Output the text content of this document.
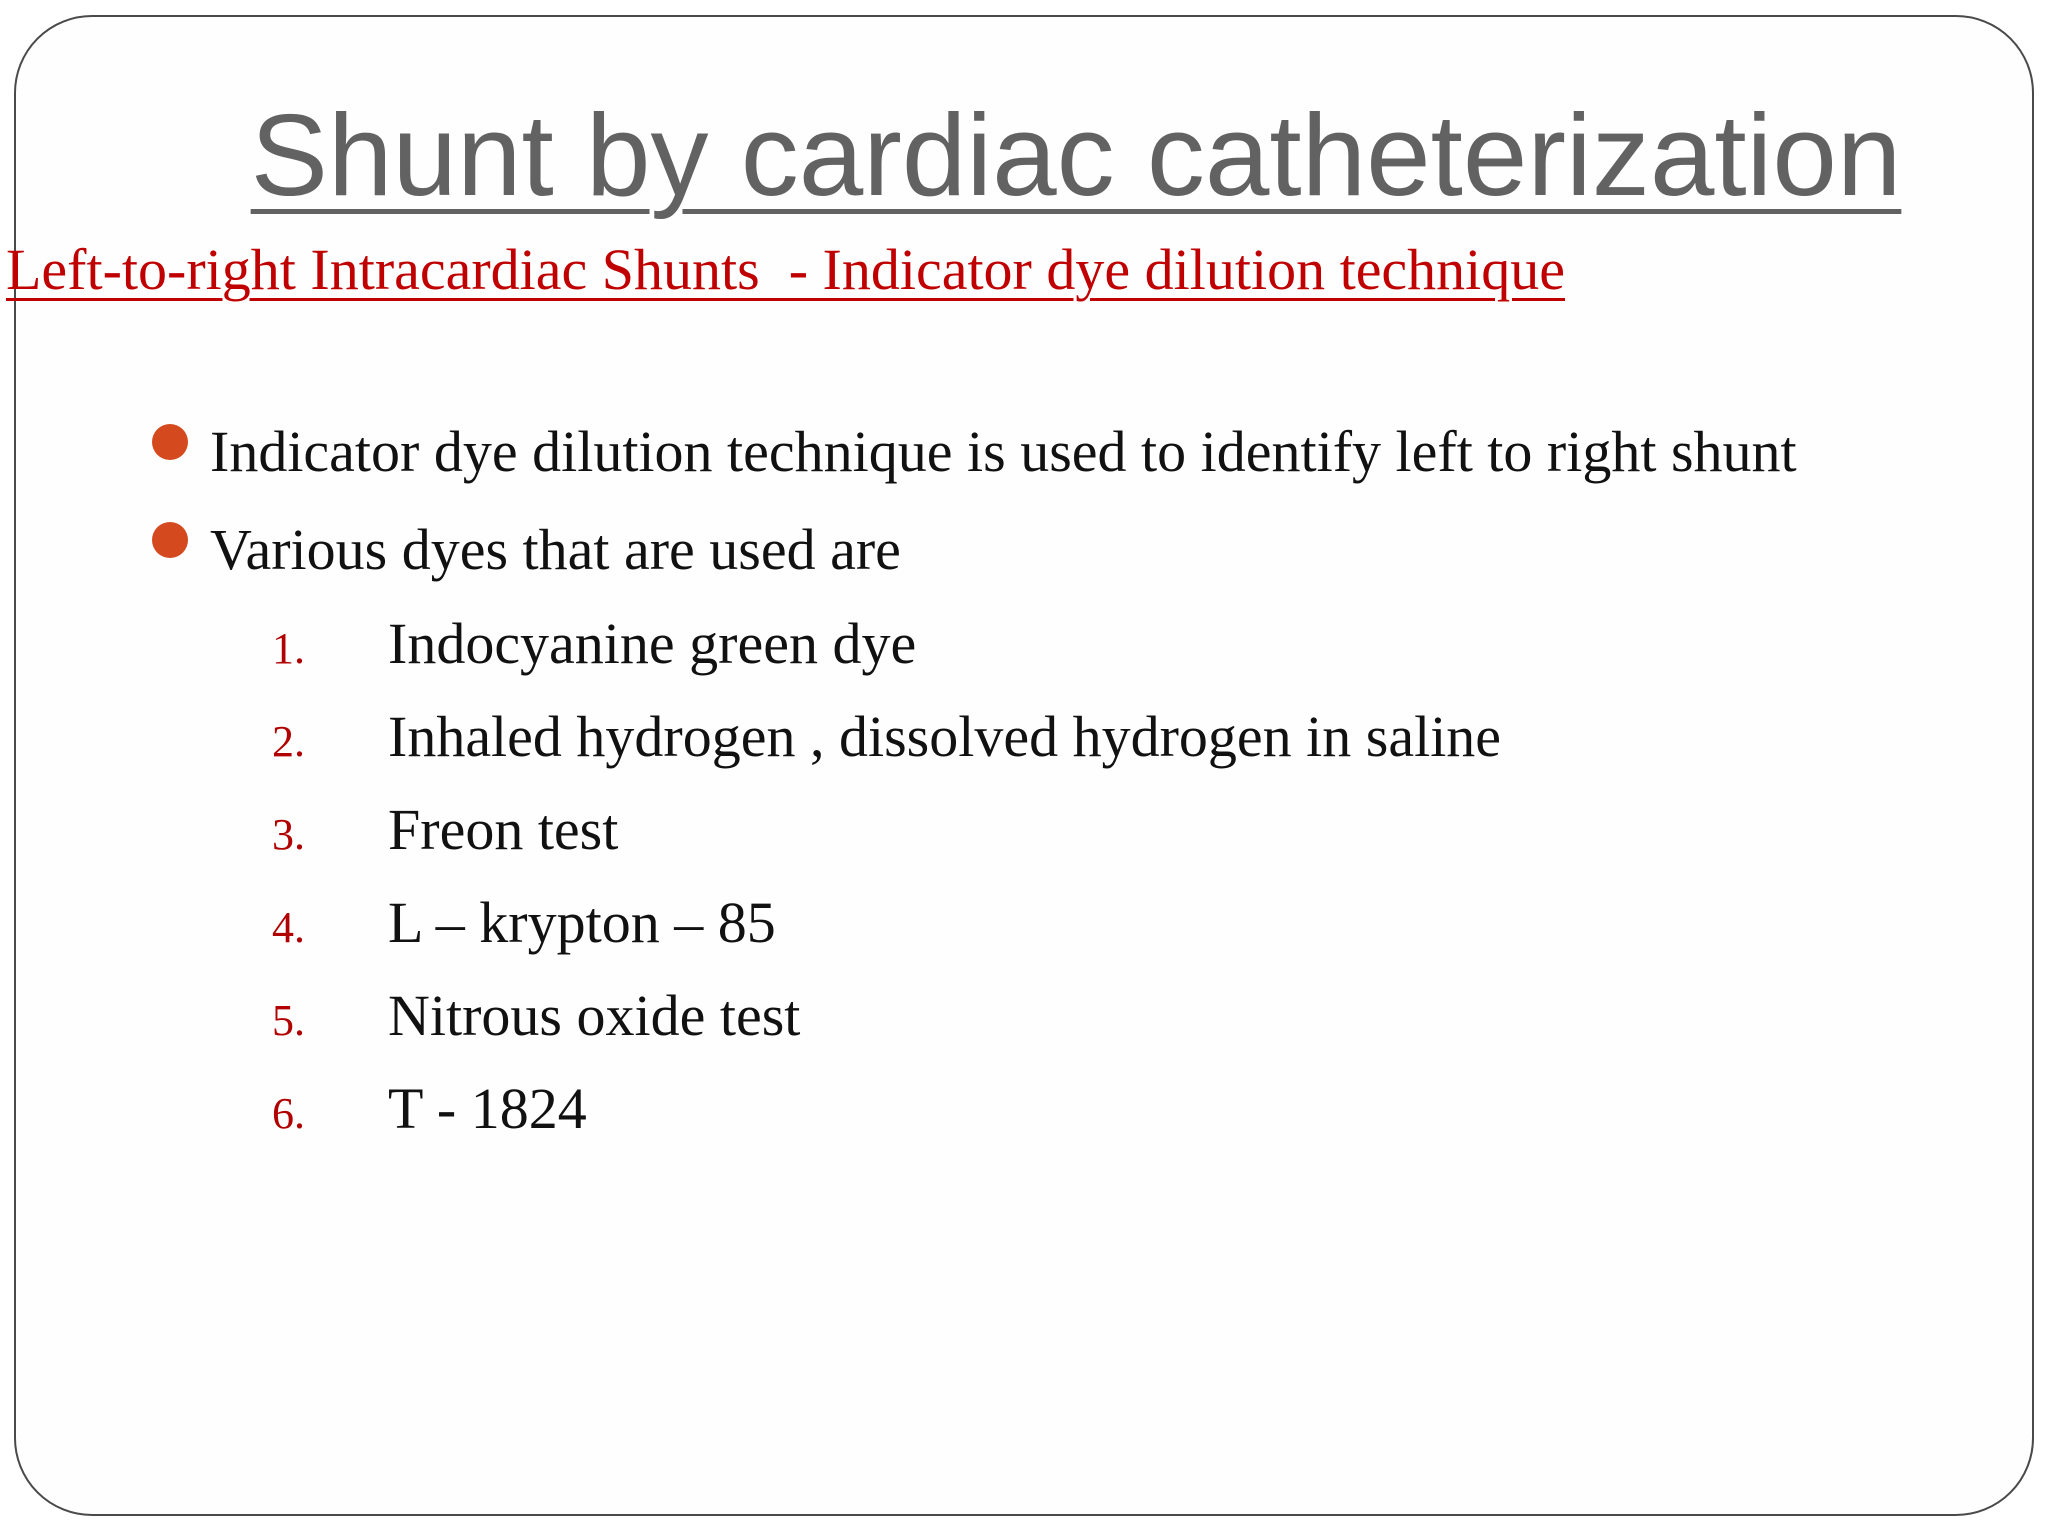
Shunt by cardiac catheterization

Left-to-right Intracardiac Shunts  - Indicator dye dilution technique

Indicator dye dilution technique is used to identify left to right shunt
Various dyes that are used are
1. Indocyanine green dye
2. Inhaled hydrogen , dissolved hydrogen in saline
3. Freon test
4. L – krypton – 85
5. Nitrous oxide test
6. T - 1824
